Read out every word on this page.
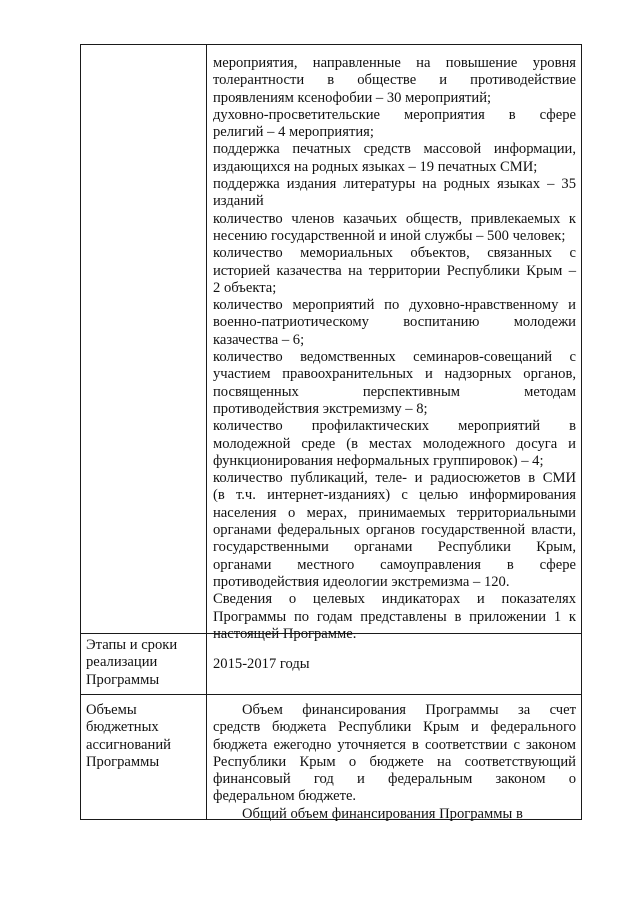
мероприятия, направленные на повышение уровня
толерантности в обществе и противодействие
проявлениям ксенофобии – 30 мероприятий;
духовно-просветительские мероприятия в сфере
религий – 4 мероприятия;
поддержка печатных средств массовой информации,
издающихся на родных языках – 19 печатных СМИ;
поддержка издания литературы на родных языках – 35
изданий
количество членов казачьих обществ, привлекаемых к
несению государственной и иной службы – 500 человек;
количество мемориальных объектов, связанных с
историей казачества на территории Республики Крым –
2 объекта;
количество мероприятий по духовно-нравственному и
военно-патриотическому воспитанию молодежи
казачества – 6;
количество ведомственных семинаров-совещаний с
участием правоохранительных и надзорных органов,
посвященных перспективным методам
противодействия экстремизму – 8;
количество профилактических мероприятий в
молодежной среде (в местах молодежного досуга и
функционирования неформальных группировок) – 4;
количество публикаций, теле- и радиосюжетов в СМИ
(в т.ч. интернет-изданиях) с целью информирования
населения о мерах, принимаемых территориальными
органами федеральных органов государственной власти,
государственными органами Республики Крым,
органами местного самоуправления в сфере
противодействия идеологии экстремизма – 120.
Сведения о целевых индикаторах и показателях
Программы по годам представлены в приложении 1 к
настоящей Программе.
Этапы и сроки
реализации
Программы
2015-2017 годы
Объемы
бюджетных
ассигнований
Программы
Объем финансирования Программы за счет
средств бюджета Республики Крым и федерального
бюджета ежегодно уточняется в соответствии с законом
Республики Крым о бюджете на соответствующий
финансовый год и федеральным законом о
федеральном бюджете.
Общий объем финансирования Программы в
